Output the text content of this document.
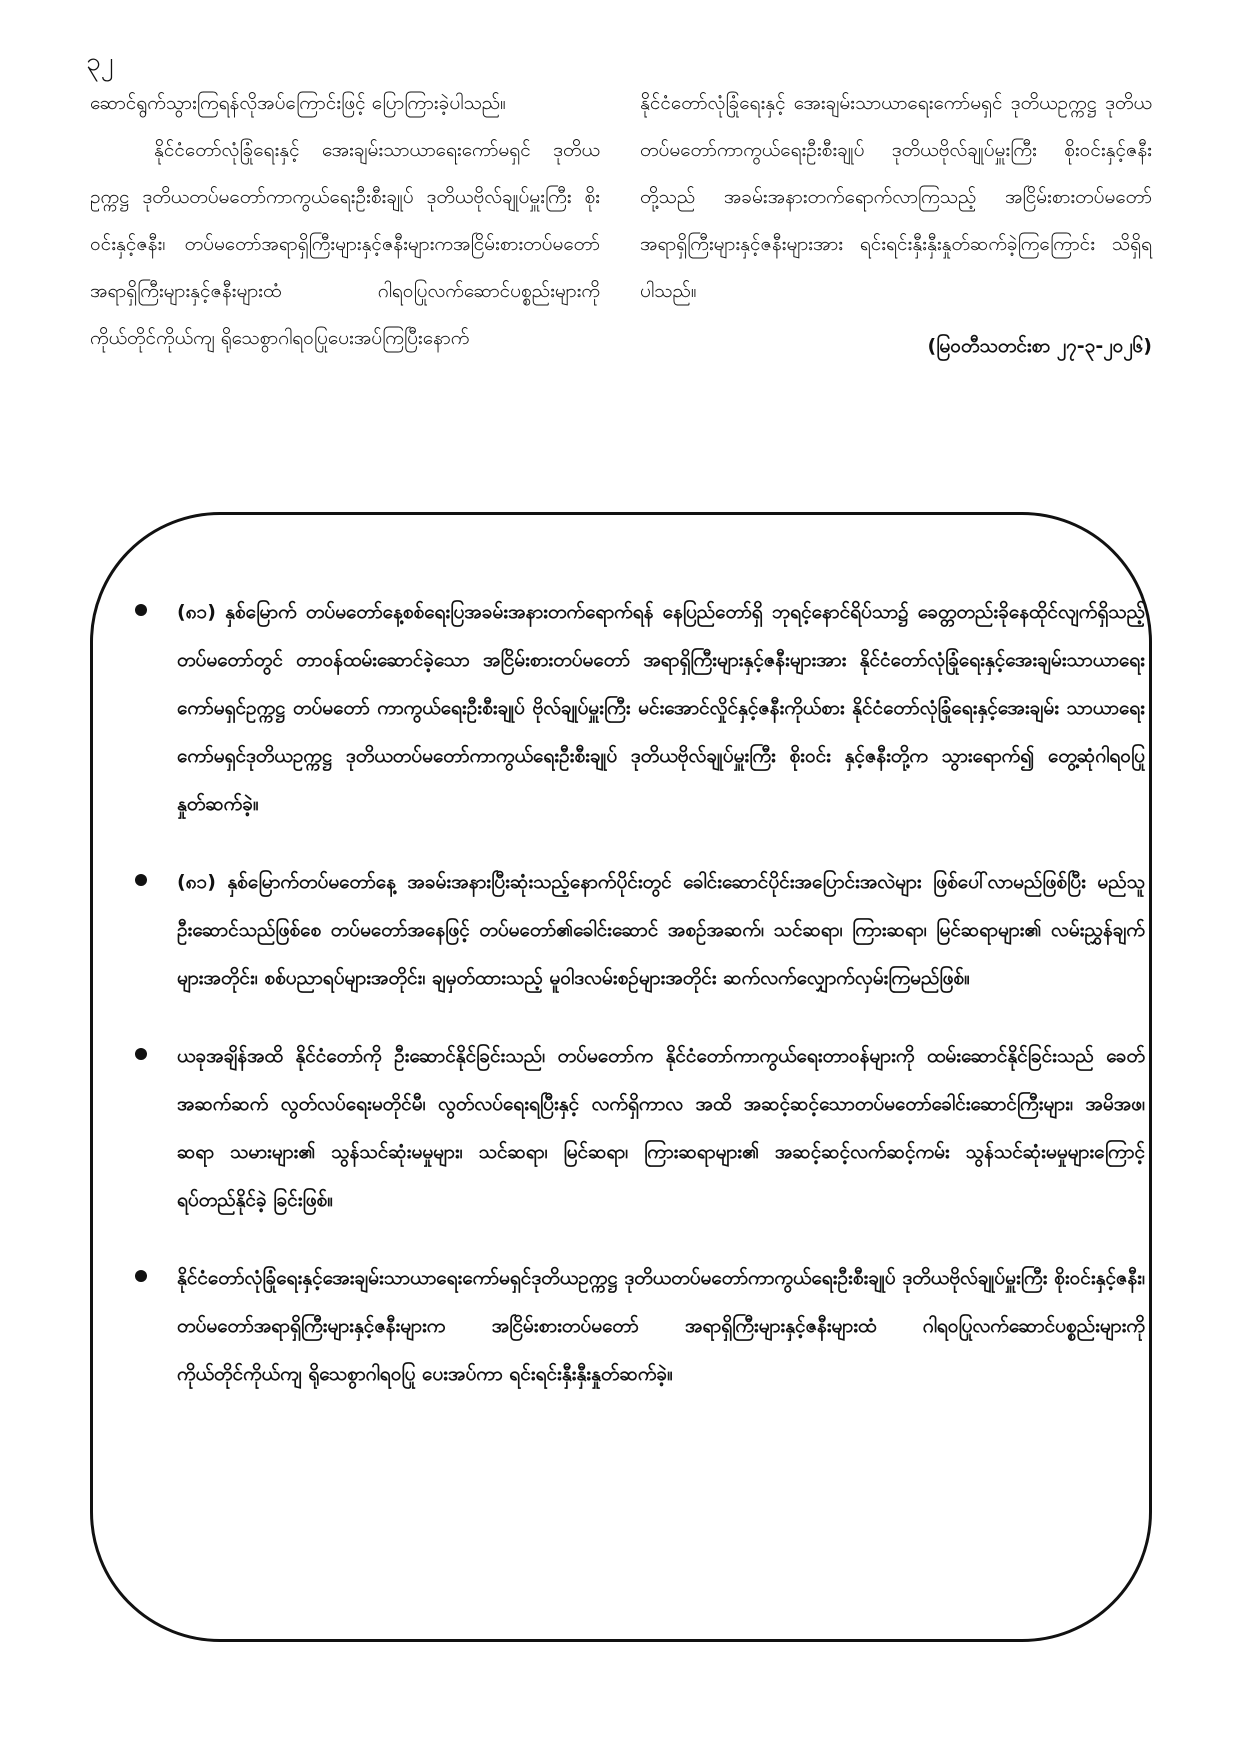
၃၂

ဆောင်ရွက်သွားကြရန်လိုအပ်ကြောင်းဖြင့် ပြောကြားခဲ့ပါသည်။

နိုင်ငံတော်လုံခြုံရေးနှင့် အေးချမ်းသာယာရေးကော်မရှင် ဒုတိယဥက္ကဋ္ဌ ဒုတိယတပ်မတော်ကာကွယ်ရေးဦးစီးချုပ် ဒုတိယဗိုလ်ချုပ်မှူးကြီး စိုးဝင်းနှင့်ဇနီး၊ တပ်မတော်အရာရှိကြီးများနှင့်ဇနီးများကအငြိမ်းစားတပ်မတော် အရာရှိကြီးများနှင့်ဇနီးများထံ ဂါရဝပြုလက်ဆောင်ပစ္စည်းများကို ကိုယ်တိုင်ကိုယ်ကျ ရိုသေစွာဂါရဝပြုပေးအပ်ကြပြီးနောက်

နိုင်ငံတော်လုံခြုံရေးနှင့် အေးချမ်းသာယာရေးကော်မရှင် ဒုတိယဥက္ကဋ္ဌ ဒုတိယတပ်မတော်ကာကွယ်ရေးဦးစီးချုပ် ဒုတိယဗိုလ်ချုပ်မှူးကြီး စိုးဝင်းနှင့်ဇနီးတို့သည် အခမ်းအနားတက်ရောက်လာကြသည့် အငြိမ်းစားတပ်မတော်အရာရှိကြီးများနှင့်ဇနီးများအား ရင်းရင်းနှီးနှီးနှုတ်ဆက်ခဲ့ကြကြောင်း သိရှိရပါသည်။

(မြဝတီသတင်းစာ ၂၇-၃-၂၀၂၆)

(၈၁) နှစ်မြောက် တပ်မတော်နေ့စစ်ရေးပြအခမ်းအနားတက်ရောက်ရန် နေပြည်တော်ရှိ ဘုရင့်နောင်ရိပ်သာ၌ ခေတ္တတည်းခိုနေထိုင်လျက်ရှိသည့် တပ်မတော်တွင် တာဝန်ထမ်းဆောင်ခဲ့သော အငြိမ်းစားတပ်မတော် အရာရှိကြီးများနှင့်ဇနီးများအား နိုင်ငံတော်လုံခြုံရေးနှင့်အေးချမ်းသာယာရေးကော်မရှင်ဥက္ကဋ္ဌ တပ်မတော် ကာကွယ်ရေးဦးစီးချုပ် ဗိုလ်ချုပ်မှူးကြီး မင်းအောင်လှိုင်နှင့်ဇနီးကိုယ်စား နိုင်ငံတော်လုံခြုံရေးနှင့်အေးချမ်း သာယာရေးကော်မရှင်ဒုတိယဥက္ကဋ္ဌ ဒုတိယတပ်မတော်ကာကွယ်ရေးဦးစီးချုပ် ဒုတိယဗိုလ်ချုပ်မှူးကြီး စိုးဝင်း နှင့်ဇနီးတို့က သွားရောက်၍ တွေ့ဆုံဂါရဝပြု နှုတ်ဆက်ခဲ့။
(၈၁) နှစ်မြောက်တပ်မတော်နေ့ အခမ်းအနားပြီးဆုံးသည့်နောက်ပိုင်းတွင် ခေါင်းဆောင်ပိုင်းအပြောင်းအလဲများ ဖြစ်ပေါ်လာမည်ဖြစ်ပြီး မည်သူဦးဆောင်သည်ဖြစ်စေ တပ်မတော်အနေဖြင့် တပ်မတော်၏ခေါင်းဆောင် အစဉ်အဆက်၊ သင်ဆရာ၊ ကြားဆရာ၊ မြင်ဆရာများ၏ လမ်းညွှန်ချက်များအတိုင်း၊ စစ်ပညာရပ်များအတိုင်း၊ ချမှတ်ထားသည့် မူဝါဒလမ်းစဉ်များအတိုင်း ဆက်လက်လျှောက်လှမ်းကြမည်ဖြစ်။
ယခုအချိန်အထိ နိုင်ငံတော်ကို ဦးဆောင်နိုင်ခြင်းသည်၊ တပ်မတော်က နိုင်ငံတော်ကာကွယ်ရေးတာဝန်များကို ထမ်းဆောင်နိုင်ခြင်းသည် ခေတ်အဆက်ဆက် လွတ်လပ်ရေးမတိုင်မီ၊ လွတ်လပ်ရေးရပြီးနှင့် လက်ရှိကာလ အထိ အဆင့်ဆင့်သောတပ်မတော်ခေါင်းဆောင်ကြီးများ၊ အမိအဖ၊ ဆရာ သမားများ၏ သွန်သင်ဆုံးမမှုများ၊ သင်ဆရာ၊ မြင်ဆရာ၊ ကြားဆရာများ၏ အဆင့်ဆင့်လက်ဆင့်ကမ်း သွန်သင်ဆုံးမမှုများကြောင့် ရပ်တည်နိုင်ခဲ့ ခြင်းဖြစ်။
နိုင်ငံတော်လုံခြုံရေးနှင့်အေးချမ်းသာယာရေးကော်မရှင်ဒုတိယဥက္ကဋ္ဌ ဒုတိယတပ်မတော်ကာကွယ်ရေးဦးစီးချုပ် ဒုတိယဗိုလ်ချုပ်မှူးကြီး စိုးဝင်းနှင့်ဇနီး၊ တပ်မတော်အရာရှိကြီးများနှင့်ဇနီးများက အငြိမ်းစားတပ်မတော် အရာရှိကြီးများနှင့်ဇနီးများထံ ဂါရဝပြုလက်ဆောင်ပစ္စည်းများကို ကိုယ်တိုင်ကိုယ်ကျ ရိုသေစွာဂါရဝပြု ပေးအပ်ကာ ရင်းရင်းနှီးနှီးနှုတ်ဆက်ခဲ့။
